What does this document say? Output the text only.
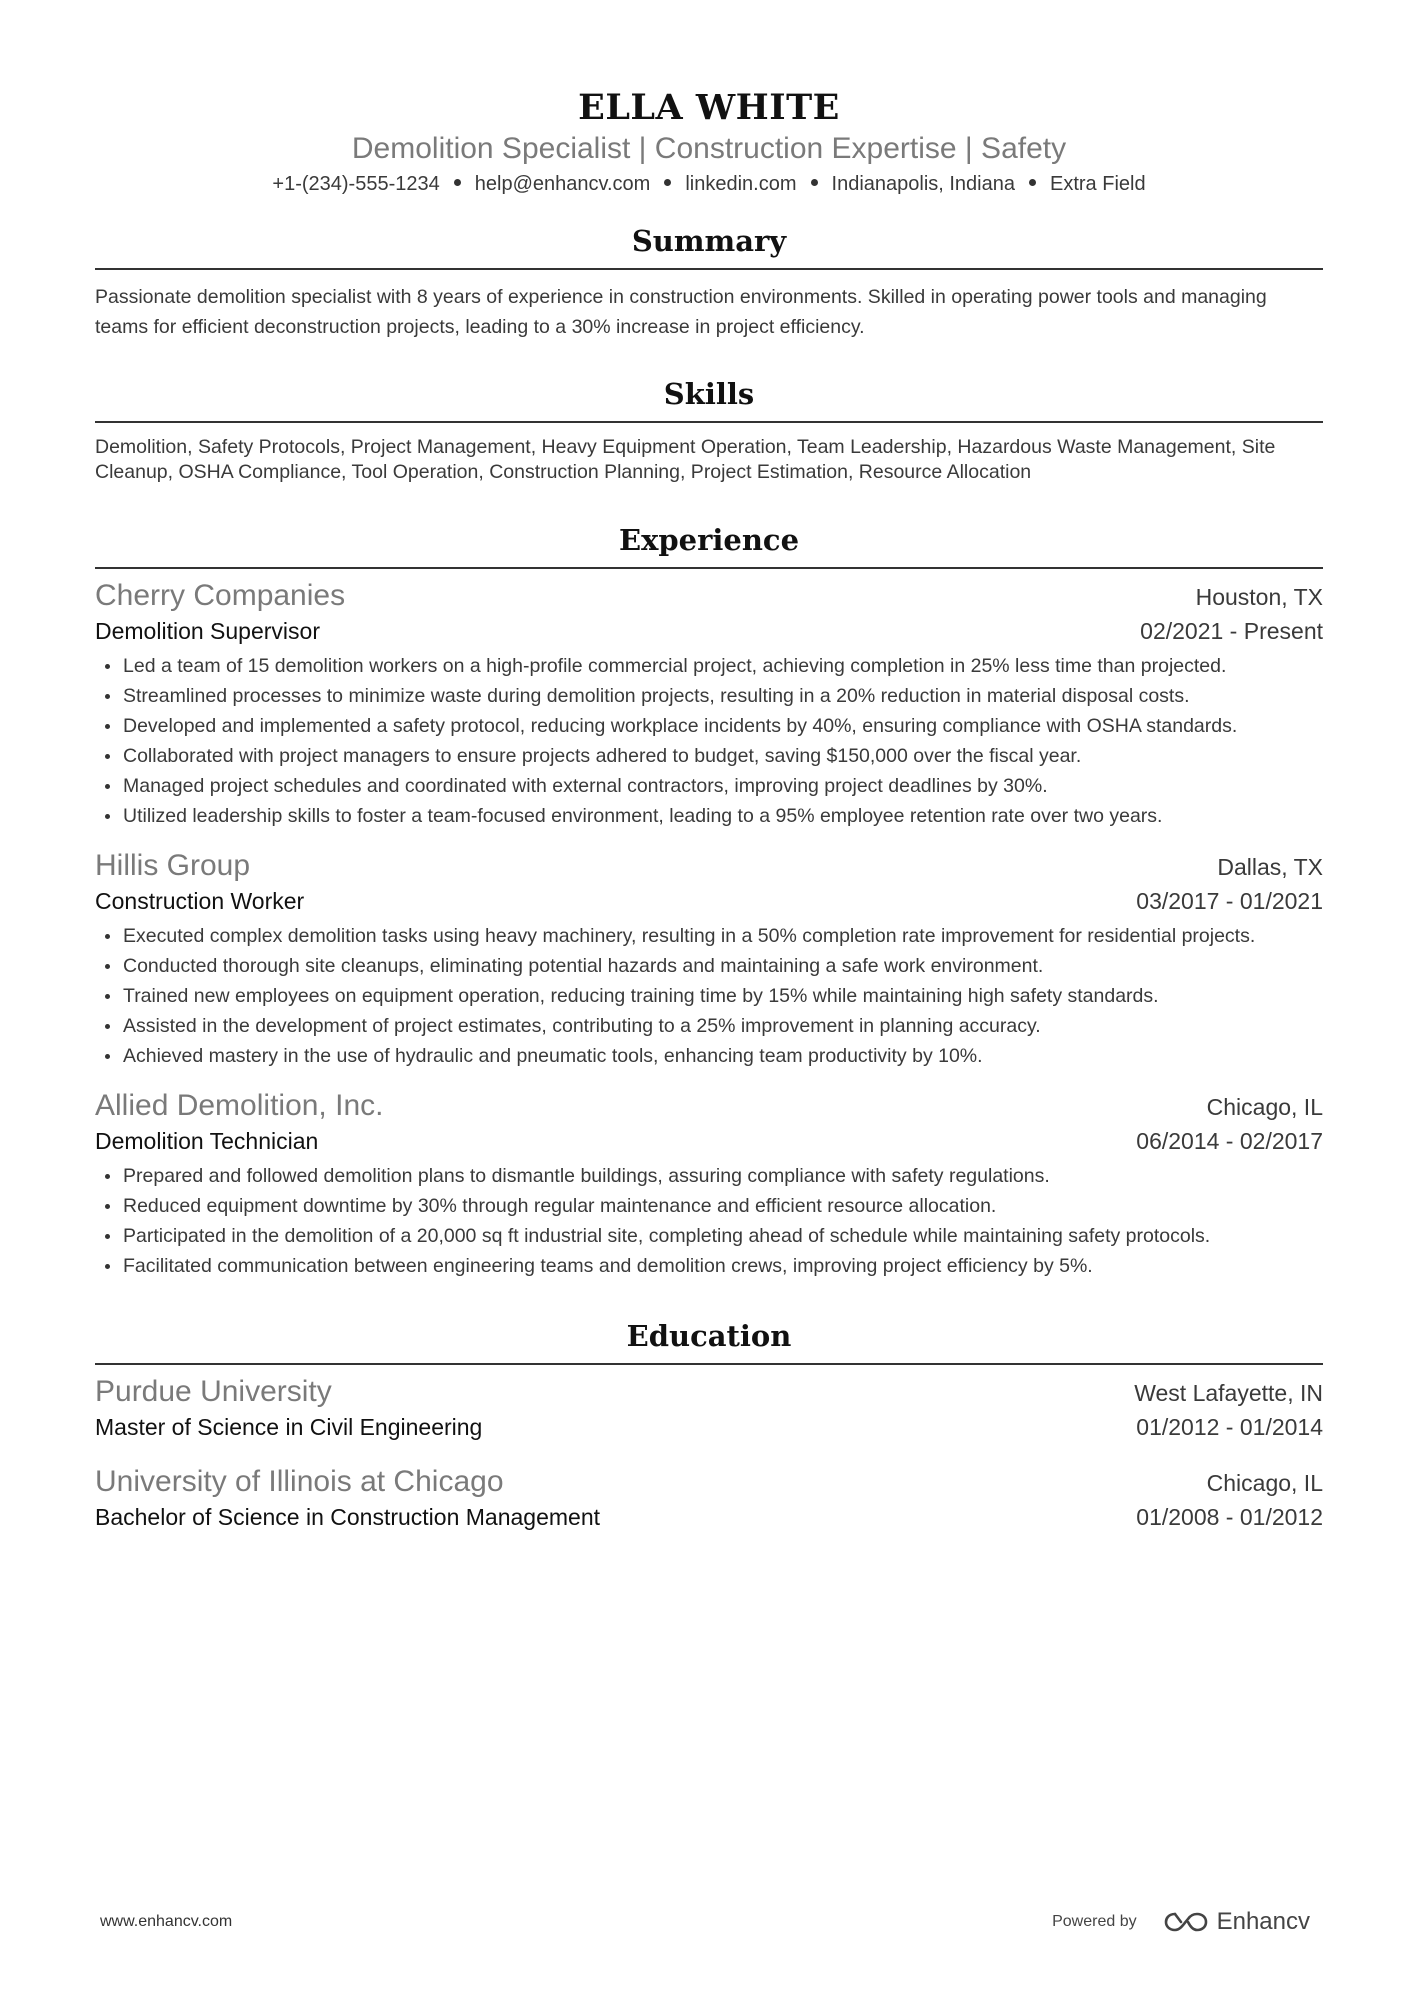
ELLA WHITE
Demolition Specialist | Construction Expertise | Safety
+1-(234)-555-1234 help@enhancv.com linkedin.com Indianapolis, Indiana Extra Field
Summary
Passionate demolition specialist with 8 years of experience in construction environments. Skilled in operating power tools and managing teams for efficient deconstruction projects, leading to a 30% increase in project efficiency.
Skills
Demolition, Safety Protocols, Project Management, Heavy Equipment Operation, Team Leadership, Hazardous Waste Management, Site Cleanup, OSHA Compliance, Tool Operation, Construction Planning, Project Estimation, Resource Allocation
Experience
Cherry Companies	Houston, TX
Demolition Supervisor	02/2021 - Present
Led a team of 15 demolition workers on a high-profile commercial project, achieving completion in 25% less time than projected.
Streamlined processes to minimize waste during demolition projects, resulting in a 20% reduction in material disposal costs.
Developed and implemented a safety protocol, reducing workplace incidents by 40%, ensuring compliance with OSHA standards.
Collaborated with project managers to ensure projects adhered to budget, saving $150,000 over the fiscal year.
Managed project schedules and coordinated with external contractors, improving project deadlines by 30%.
Utilized leadership skills to foster a team-focused environment, leading to a 95% employee retention rate over two years.
Hillis Group	Dallas, TX
Construction Worker	03/2017 - 01/2021
Executed complex demolition tasks using heavy machinery, resulting in a 50% completion rate improvement for residential projects.
Conducted thorough site cleanups, eliminating potential hazards and maintaining a safe work environment.
Trained new employees on equipment operation, reducing training time by 15% while maintaining high safety standards.
Assisted in the development of project estimates, contributing to a 25% improvement in planning accuracy.
Achieved mastery in the use of hydraulic and pneumatic tools, enhancing team productivity by 10%.
Allied Demolition, Inc.	Chicago, IL
Demolition Technician	06/2014 - 02/2017
Prepared and followed demolition plans to dismantle buildings, assuring compliance with safety regulations.
Reduced equipment downtime by 30% through regular maintenance and efficient resource allocation.
Participated in the demolition of a 20,000 sq ft industrial site, completing ahead of schedule while maintaining safety protocols.
Facilitated communication between engineering teams and demolition crews, improving project efficiency by 5%.
Education
Purdue University	West Lafayette, IN
Master of Science in Civil Engineering	01/2012 - 01/2014
University of Illinois at Chicago	Chicago, IL
Bachelor of Science in Construction Management	01/2008 - 01/2012
www.enhancv.com	Powered by	Enhancv
